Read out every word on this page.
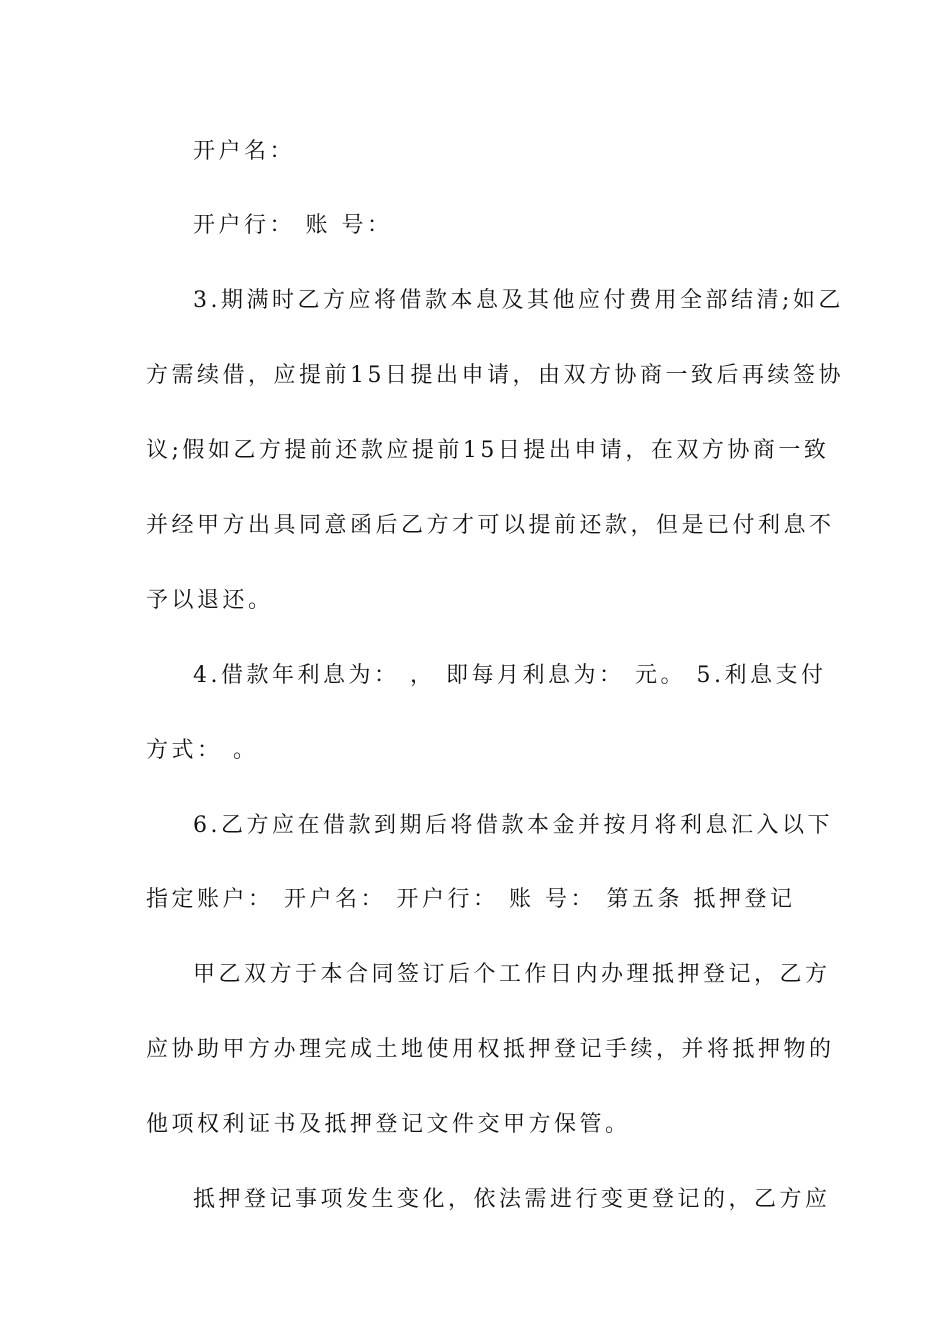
开户名：
开户行： 账 号：
3.期满时乙方应将借款本息及其他应付费用全部结清;如乙
方需续借，应提前15日提出申请，由双方协商一致后再续签协
议;假如乙方提前还款应提前15日提出申请，在双方协商一致
并经甲方出具同意函后乙方才可以提前还款，但是已付利息不
予以退还。
4.借款年利息为： ， 即每月利息为： 元。 5.利息支付
方式： 。
6.乙方应在借款到期后将借款本金并按月将利息汇入以下
指定账户： 开户名： 开户行： 账 号： 第五条 抵押登记
甲乙双方于本合同签订后个工作日内办理抵押登记，乙方
应协助甲方办理完成土地使用权抵押登记手续，并将抵押物的
他项权利证书及抵押登记文件交甲方保管。
抵押登记事项发生变化，依法需进行变更登记的，乙方应
